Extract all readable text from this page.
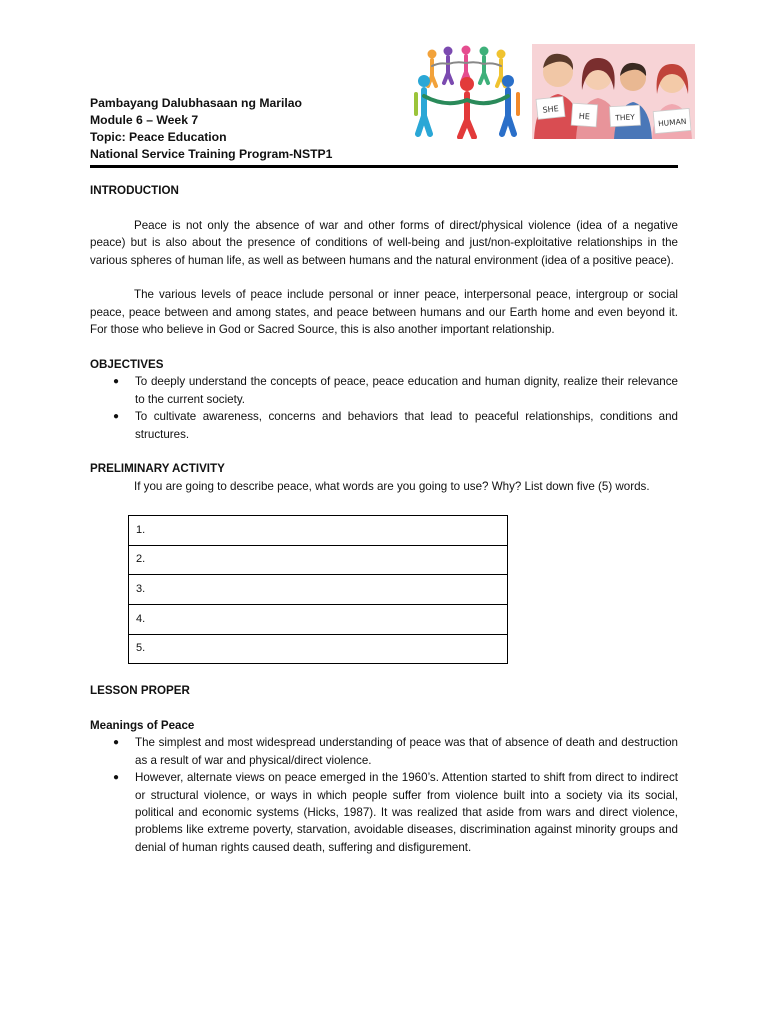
SHE
HE	THEY	HUMAN
Pambayang Dalubhasaan ng Marilao
Module 6 – Week 7
Topic: Peace Education
National Service Training Program-NSTP1
INTRODUCTION

Peace is not only the absence of war and other forms of direct/physical violence (idea of a negative peace) but is also about the presence of conditions of well-being and just/non-exploitative relationships in the various spheres of human life, as well as between humans and the natural environment (idea of a positive peace).

The various levels of peace include personal or inner peace, interpersonal peace, intergroup or social peace, peace between and among states, and peace between humans and our Earth home and even beyond it. For those who believe in God or Sacred Source, this is also another important relationship.

OBJECTIVES
● To deeply understand the concepts of peace, peace education and human dignity, realize their relevance to the current society.
● To cultivate awareness, concerns and behaviors that lead to peaceful relationships, conditions and structures.
PRELIMINARY ACTIVITY

If you are going to describe peace, what words are you going to use? Why? List down five (5) words.

1.
2.
3.
4.
5.
LESSON PROPER
Meanings of Peace
● The simplest and most widespread understanding of peace was that of absence of death and destruction as a result of war and physical/direct violence.
● However, alternate views on peace emerged in the 1960’s. Attention started to shift from direct to indirect or structural violence, or ways in which people suffer from violence built into a society via its social, political and economic systems (Hicks, 1987). It was realized that aside from wars and direct violence, problems like extreme poverty, starvation, avoidable diseases, discrimination against minority groups and denial of human rights caused death, suffering and disfigurement.
